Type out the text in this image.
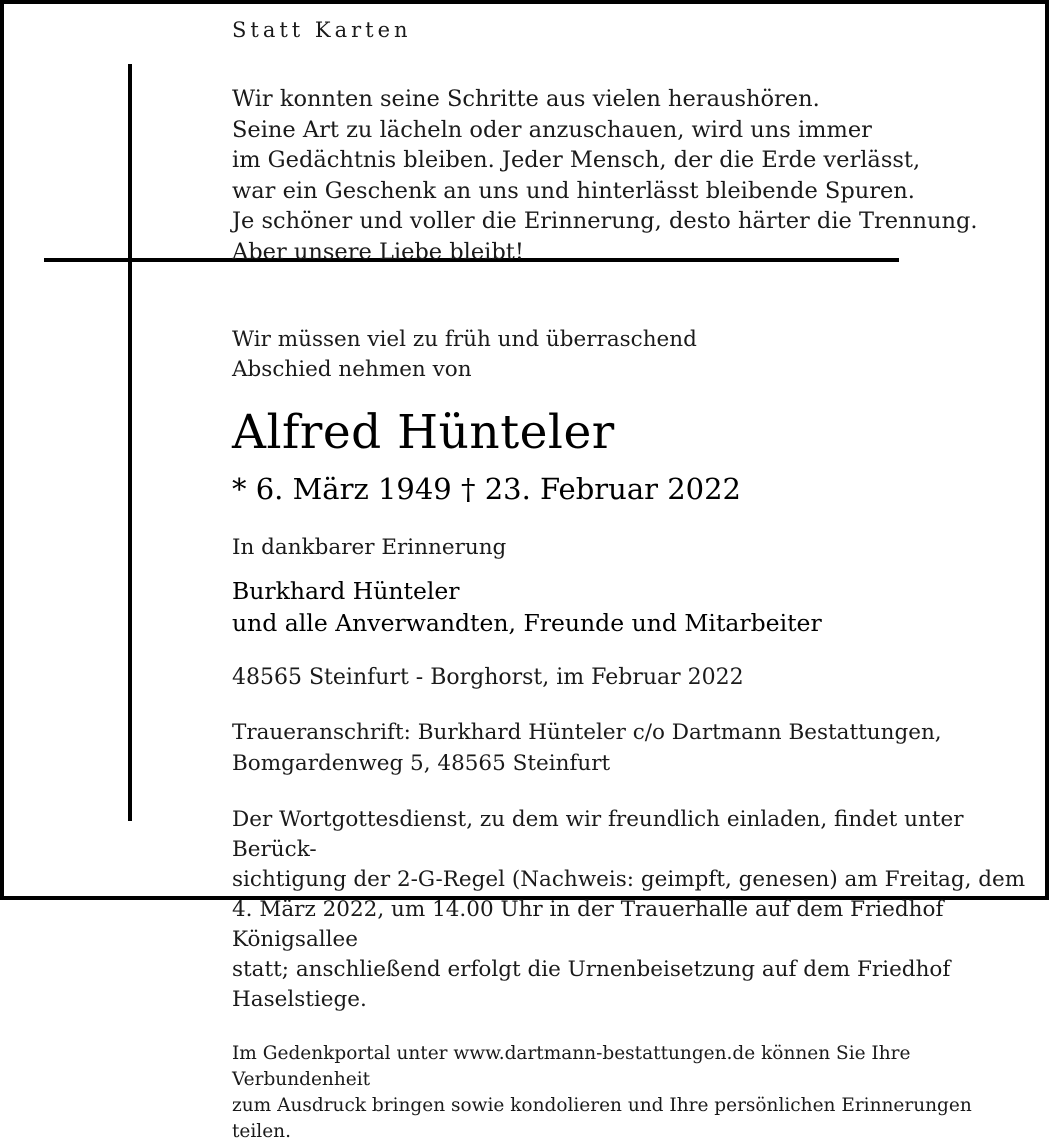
Statt Karten
Wir konnten seine Schritte aus vielen heraushören.
Seine Art zu lächeln oder anzuschauen, wird uns immer
im Gedächtnis bleiben. Jeder Mensch, der die Erde verlässt,
war ein Geschenk an uns und hinterlässt bleibende Spuren.
Je schöner und voller die Erinnerung, desto härter die Trennung.
Aber unsere Liebe bleibt!
Wir müssen viel zu früh und überraschend
Abschied nehmen von
Alfred Hünteler
* 6. März 1949 † 23. Februar 2022
In dankbarer Erinnerung
Burkhard Hünteler
und alle Anverwandten, Freunde und Mitarbeiter
48565 Steinfurt - Borghorst, im Februar 2022
Traueranschrift: Burkhard Hünteler c/o Dartmann Bestattungen,
Bomgardenweg 5, 48565 Steinfurt
Der Wortgottesdienst, zu dem wir freundlich einladen, findet unter Berück-
sichtigung der 2-G-Regel (Nachweis: geimpft, genesen) am Freitag, dem
4. März 2022, um 14.00 Uhr in der Trauerhalle auf dem Friedhof Königsallee
statt; anschließend erfolgt die Urnenbeisetzung auf dem Friedhof Haselstiege.
Im Gedenkportal unter www.dartmann-bestattungen.de können Sie Ihre Verbundenheit
zum Ausdruck bringen sowie kondolieren und Ihre persönlichen Erinnerungen teilen.
